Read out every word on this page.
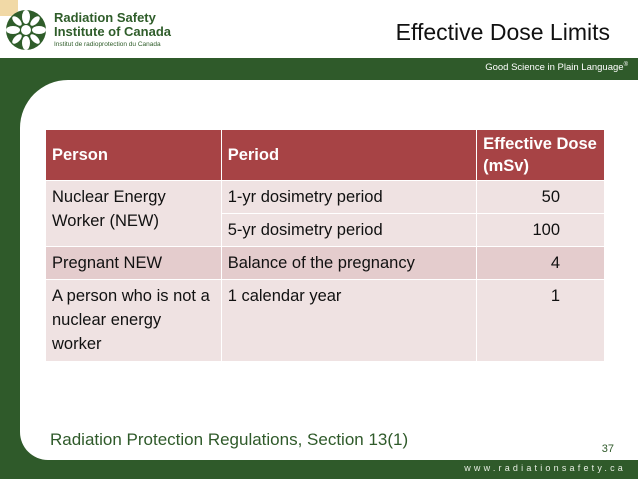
Radiation Safety
Institute of Canada
Institut de radioprotection du Canada	Effective Dose Limits
Good Science in Plain Language®
Person	Period	Effective Dose (mSv)
Nuclear Energy Worker (NEW)	1-yr dosimetry period	50
	5-yr dosimetry period	100
Pregnant NEW	Balance of the pregnancy	4
A person who is not a nuclear energy worker	1 calendar year	1
Radiation Protection Regulations, Section 13(1)	37
www.radiationsafety.ca
